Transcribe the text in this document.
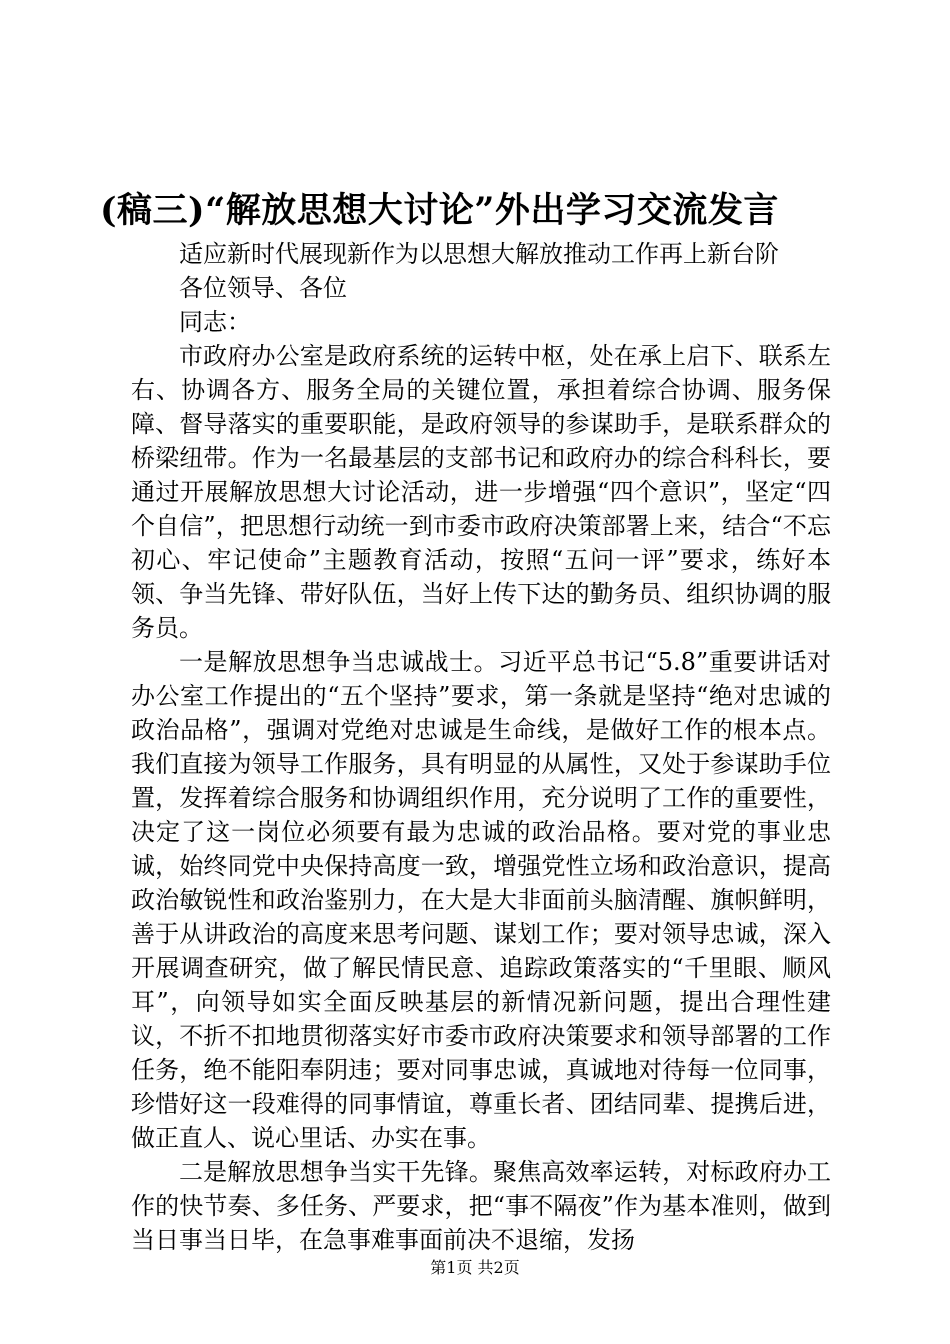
(稿三)“解放思想大讨论”外出学习交流发言

适应新时代展现新作为以思想大解放推动工作再上新台阶

各位领导、各位

同志：

市政府办公室是政府系统的运转中枢，处在承上启下、联系左右、协调各方、服务全局的关键位置，承担着综合协调、服务保障、督导落实的重要职能，是政府领导的参谋助手，是联系群众的桥梁纽带。作为一名最基层的支部书记和政府办的综合科科长，要通过开展解放思想大讨论活动，进一步增强“四个意识”，坚定“四个自信”，把思想行动统一到市委市政府决策部署上来，结合“不忘初心、牢记使命”主题教育活动，按照“五问一评”要求，练好本领、争当先锋、带好队伍，当好上传下达的勤务员、组织协调的服务员。

一是解放思想争当忠诚战士。习近平总书记“5.8”重要讲话对办公室工作提出的“五个坚持”要求，第一条就是坚持“绝对忠诚的政治品格”，强调对党绝对忠诚是生命线，是做好工作的根本点。我们直接为领导工作服务，具有明显的从属性，又处于参谋助手位置，发挥着综合服务和协调组织作用，充分说明了工作的重要性，决定了这一岗位必须要有最为忠诚的政治品格。要对党的事业忠诚，始终同党中央保持高度一致，增强党性立场和政治意识，提高政治敏锐性和政治鉴别力，在大是大非面前头脑清醒、旗帜鲜明，善于从讲政治的高度来思考问题、谋划工作；要对领导忠诚，深入开展调查研究，做了解民情民意、追踪政策落实的“千里眼、顺风耳”，向领导如实全面反映基层的新情况新问题，提出合理性建议，不折不扣地贯彻落实好市委市政府决策要求和领导部署的工作任务，绝不能阳奉阴违；要对同事忠诚，真诚地对待每一位同事，珍惜好这一段难得的同事情谊，尊重长者、团结同辈、提携后进，做正直人、说心里话、办实在事。

二是解放思想争当实干先锋。聚焦高效率运转，对标政府办工作的快节奏、多任务、严要求，把“事不隔夜”作为基本准则，做到当日事当日毕，在急事难事面前决不退缩，发扬

第1页 共2页
